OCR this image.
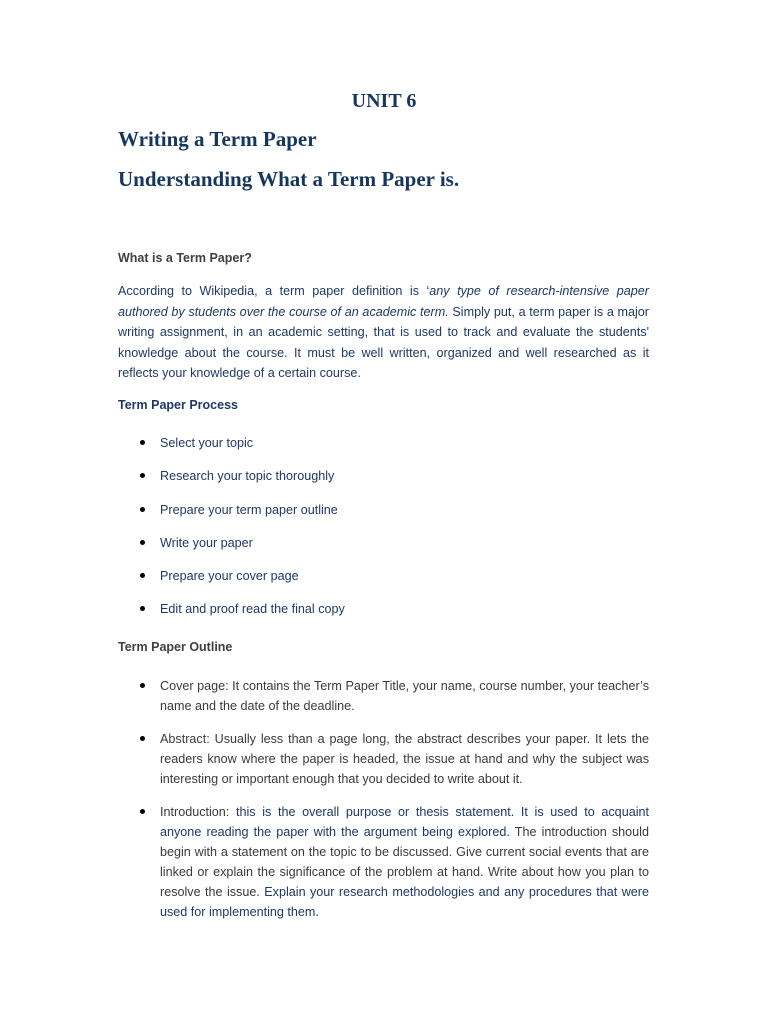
UNIT 6
Writing a Term Paper
Understanding What a Term Paper is.
What is a Term Paper?

According to Wikipedia, a term paper definition is ‘any type of research-intensive paper authored by students over the course of an academic term. Simply put, a term paper is a major writing assignment, in an academic setting, that is used to track and evaluate the students' knowledge about the course. It must be well written, organized and well researched as it reflects your knowledge of a certain course.

Term Paper Process
Select your topic
Research your topic thoroughly
Prepare your term paper outline
Write your paper
Prepare your cover page
Edit and proof read the final copy
Term Paper Outline
Cover page: It contains the Term Paper Title, your name, course number, your teacher’s name and the date of the deadline.
Abstract: Usually less than a page long, the abstract describes your paper. It lets the readers know where the paper is headed, the issue at hand and why the subject was interesting or important enough that you decided to write about it.
Introduction: this is the overall purpose or thesis statement. It is used to acquaint anyone reading the paper with the argument being explored. The introduction should begin with a statement on the topic to be discussed. Give current social events that are linked or explain the significance of the problem at hand. Write about how you plan to resolve the issue. Explain your research methodologies and any procedures that were used for implementing them.
